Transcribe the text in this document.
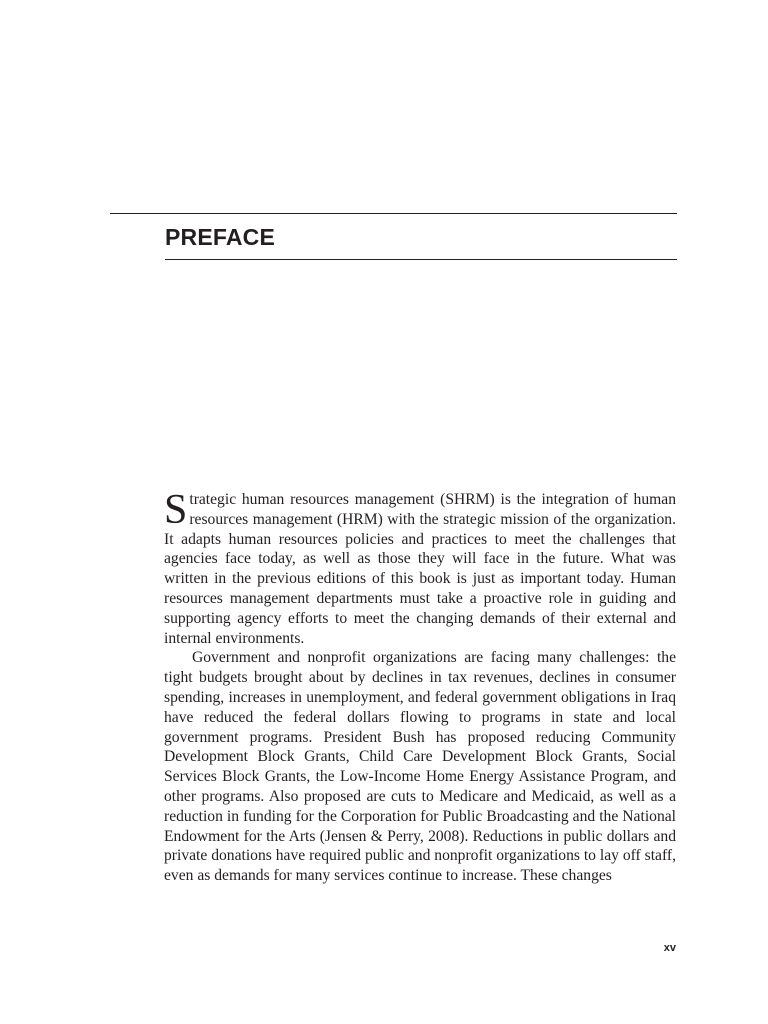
PREFACE

Strategic human resources management (SHRM) is the integration of human resources management (HRM) with the strategic mission of the organization. It adapts human resources policies and practices to meet the challenges that agencies face today, as well as those they will face in the future. What was written in the previous editions of this book is just as important today. Human resources management departments must take a proactive role in guiding and supporting agency efforts to meet the changing demands of their external and internal environments.

Government and nonprofit organizations are facing many challenges: the tight budgets brought about by declines in tax revenues, declines in consumer spending, increases in unemployment, and federal government obligations in Iraq have reduced the federal dollars flowing to programs in state and local government programs. President Bush has proposed reducing Community Development Block Grants, Child Care Development Block Grants, Social Services Block Grants, the Low-Income Home Energy Assistance Program, and other programs. Also proposed are cuts to Medicare and Medicaid, as well as a reduction in funding for the Corporation for Public Broadcasting and the National Endowment for the Arts (Jensen & Perry, 2008). Reductions in public dollars and private donations have required public and nonprofit organizations to lay off staff, even as demands for many services continue to increase. These changes

xv
